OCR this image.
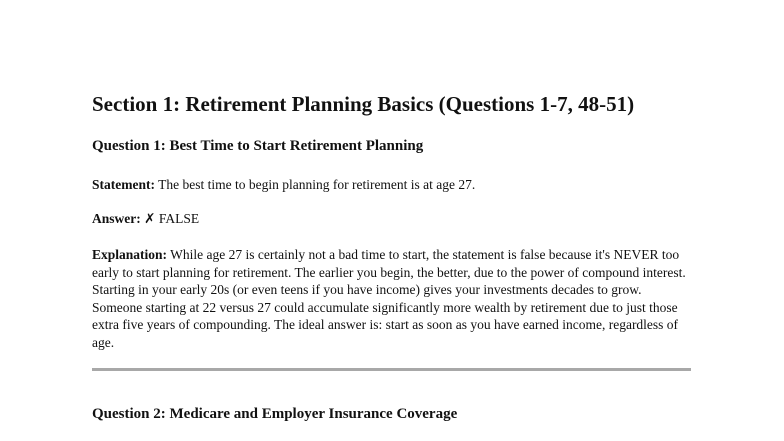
Section 1: Retirement Planning Basics (Questions 1-7, 48-51)
Question 1: Best Time to Start Retirement Planning

Statement: The best time to begin planning for retirement is at age 27.

Answer: ✗ FALSE

Explanation: While age 27 is certainly not a bad time to start, the statement is false because it's NEVER too early to start planning for retirement. The earlier you begin, the better, due to the power of compound interest. Starting in your early 20s (or even teens if you have income) gives your investments decades to grow. Someone starting at 22 versus 27 could accumulate significantly more wealth by retirement due to just those extra five years of compounding. The ideal answer is: start as soon as you have earned income, regardless of age.

Question 2: Medicare and Employer Insurance Coverage
